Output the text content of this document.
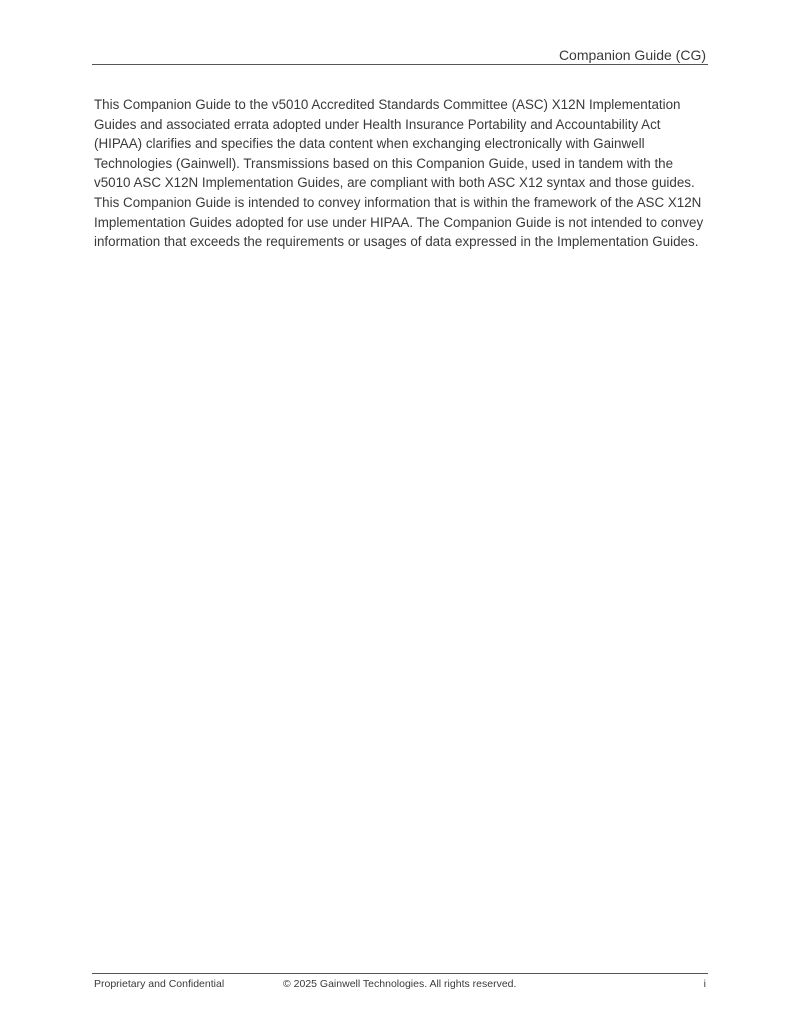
Companion Guide (CG)

This Companion Guide to the v5010 Accredited Standards Committee (ASC) X12N Implementation Guides and associated errata adopted under Health Insurance Portability and Accountability Act (HIPAA) clarifies and specifies the data content when exchanging electronically with Gainwell Technologies (Gainwell). Transmissions based on this Companion Guide, used in tandem with the v5010 ASC X12N Implementation Guides, are compliant with both ASC X12 syntax and those guides. This Companion Guide is intended to convey information that is within the framework of the ASC X12N Implementation Guides adopted for use under HIPAA. The Companion Guide is not intended to convey information that exceeds the requirements or usages of data expressed in the Implementation Guides.

Proprietary and Confidential	© 2025 Gainwell Technologies. All rights reserved.	i
